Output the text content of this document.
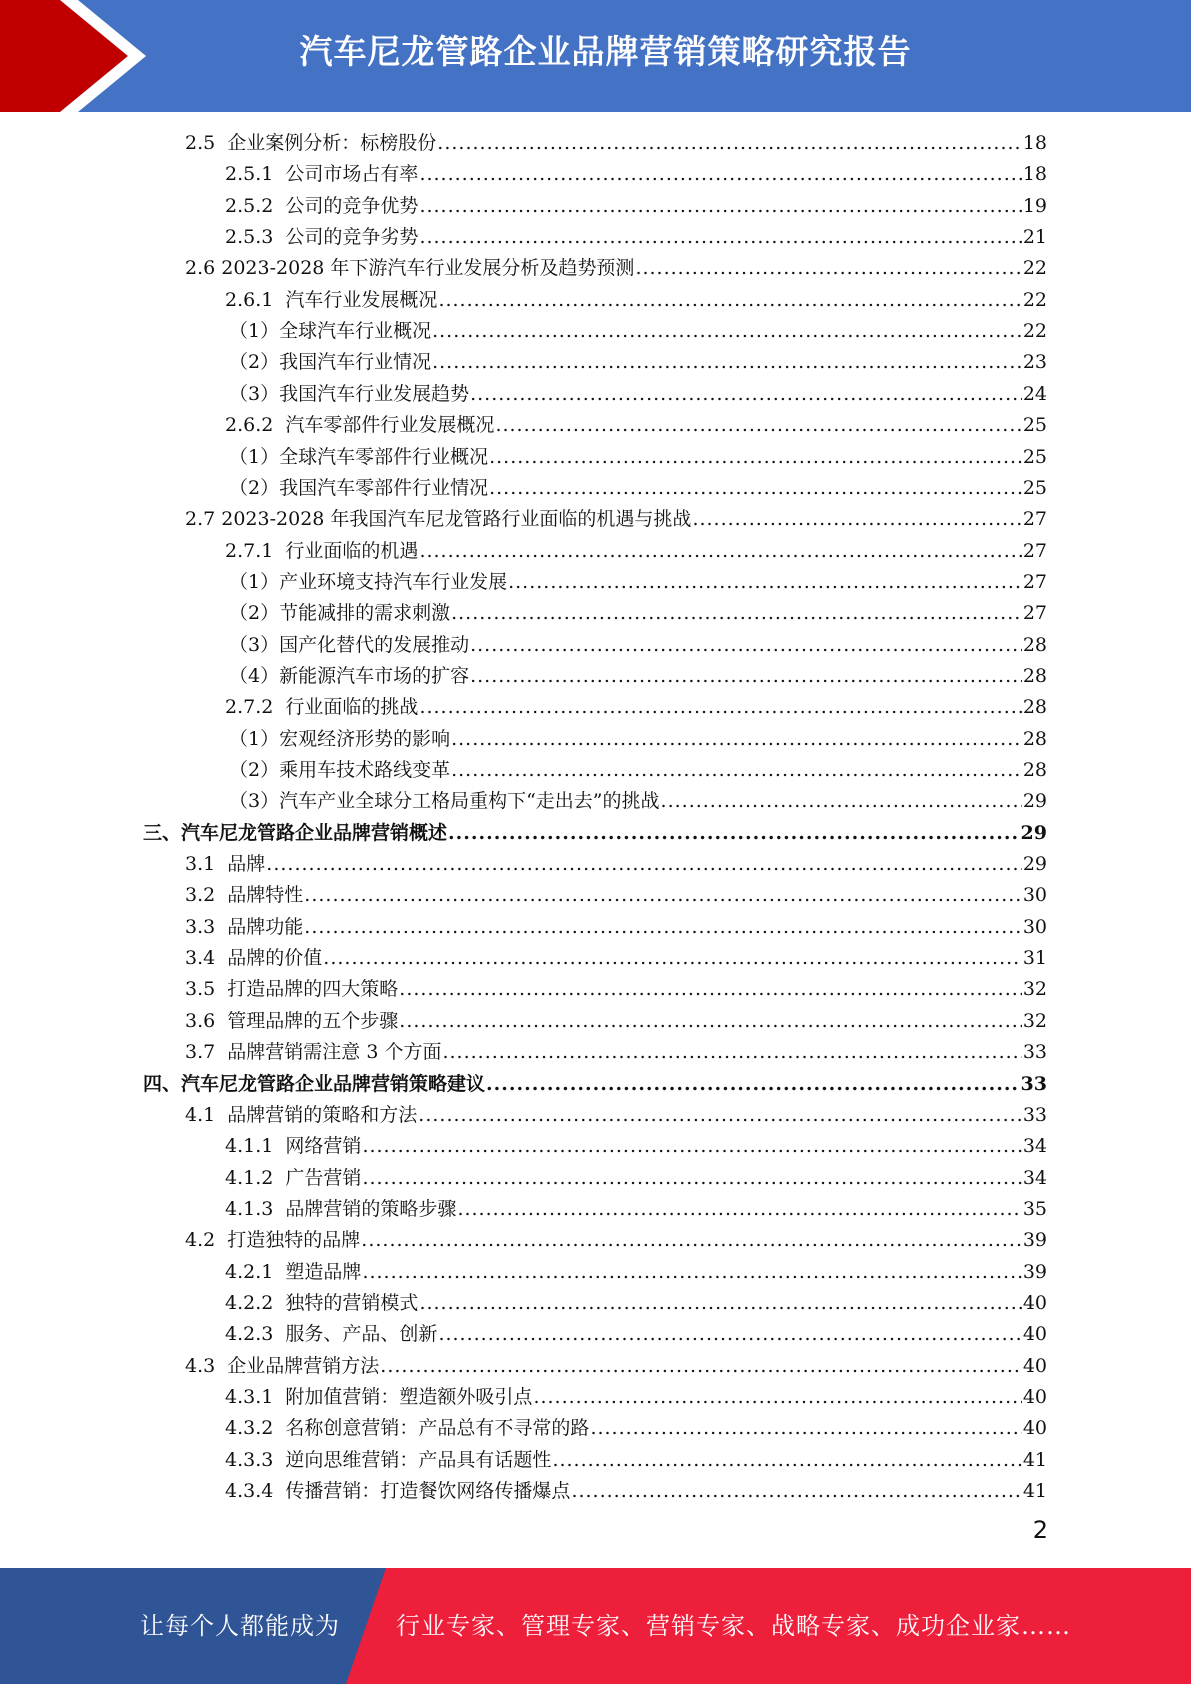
汽车尼龙管路企业品牌营销策略研究报告
2.5  企业案例分析：标榜股份 .....	18
2.5.1  公司市场占有率 .....	18
2.5.2  公司的竞争优势 .....	19
2.5.3  公司的竞争劣势 .....	21
2.6 2023-2028 年下游汽车行业发展分析及趋势预测 .....	22
2.6.1  汽车行业发展概况 .....	22
（1）全球汽车行业概况 .....	22
（2）我国汽车行业情况 .....	23
（3）我国汽车行业发展趋势 .....	24
2.6.2  汽车零部件行业发展概况 .....	25
（1）全球汽车零部件行业概况 .....	25
（2）我国汽车零部件行业情况 .....	25
2.7 2023-2028 年我国汽车尼龙管路行业面临的机遇与挑战 .....	27
2.7.1  行业面临的机遇 .....	27
（1）产业环境支持汽车行业发展 .....	27
（2）节能减排的需求刺激 .....	27
（3）国产化替代的发展推动 .....	28
（4）新能源汽车市场的扩容 .....	28
2.7.2  行业面临的挑战 .....	28
（1）宏观经济形势的影响 .....	28
（2）乘用车技术路线变革 .....	28
（3）汽车产业全球分工格局重构下“走出去”的挑战 .....	29
三、汽车尼龙管路企业品牌营销概述 .....	29
3.1  品牌 .....	29
3.2  品牌特性 .....	30
3.3  品牌功能 .....	30
3.4  品牌的价值 .....	31
3.5  打造品牌的四大策略 .....	32
3.6  管理品牌的五个步骤 .....	32
3.7  品牌营销需注意 3 个方面 .....	33
四、汽车尼龙管路企业品牌营销策略建议 .....	33
4.1  品牌营销的策略和方法 .....	33
4.1.1  网络营销 .....	34
4.1.2  广告营销 .....	34
4.1.3  品牌营销的策略步骤 .....	35
4.2  打造独特的品牌 .....	39
4.2.1  塑造品牌 .....	39
4.2.2  独特的营销模式 .....	40
4.2.3  服务、产品、创新 .....	40
4.3  企业品牌营销方法 .....	40
4.3.1  附加值营销：塑造额外吸引点 .....	40
4.3.2  名称创意营销：产品总有不寻常的路 .....	40
4.3.3  逆向思维营销：产品具有话题性 .....	41
4.3.4  传播营销：打造餐饮网络传播爆点 .....	41
2
让每个人都能成为 行业专家、管理专家、营销专家、战略专家、成功企业家……
